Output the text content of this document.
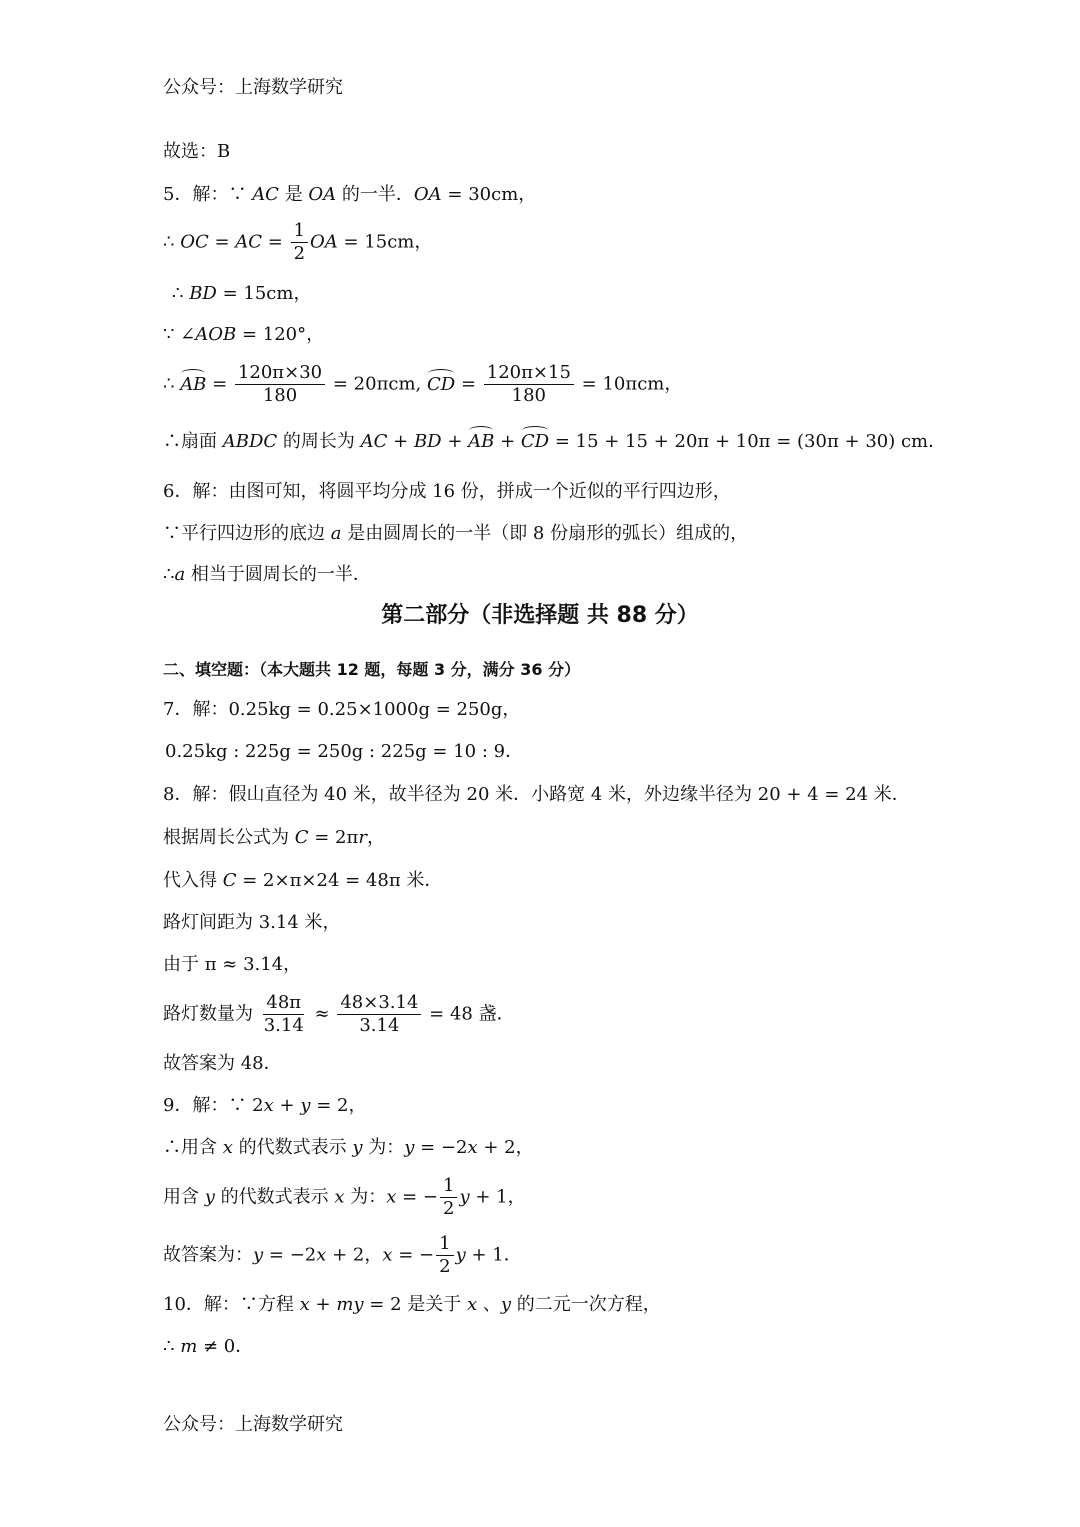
公众号：上海数学研究
故选：B
5．解：∵ AC 是 OA 的一半．OA = 30cm，
∴ OC = AC = $\frac{1}{2}$ OA = 15cm，
∴ BD = 15cm，
∵ ∠AOB = 120°，
∴ AB = $\frac{120\pi\times 30}{180} = 20\pi cm$, CD = $\frac{120\pi\times 15}{180} = 10\pi cm$，
∴扇面 ABDC 的周长为 AC + BD + AB + CD = 15 + 15 + 20π + 10π = (30π + 30) cm．
6．解：由图可知，将圆平均分成 16 份，拼成一个近似的平行四边形，
∵平行四边形的底边 a 是由圆周长的一半（即 8 份扇形的弧长）组成的，
∴a 相当于圆周长的一半．
第二部分（非选择题 共 88 分）
二、填空题：（本大题共 12 题，每题 3 分，满分 36 分）
7．解：0.25kg = 0.25×1000g = 250g，
0.25kg : 225g = 250g : 225g = 10 : 9．
8．解：假山直径为 40 米，故半径为 20 米．小路宽 4 米，外边缘半径为 20 + 4 = 24 米．
根据周长公式为 C = 2πr，
代入得 C = 2×π×24 = 48π 米．
路灯间距为 3.14 米，
由于 π ≈ 3.14，
路灯数量为 $\frac{48\pi}{3.14} \approx \frac{48\times 3.14}{3.14} = 48$ 盏．
故答案为 48．
9．解：∵ 2x + y = 2，
∴用含 x 的代数式表示 y 为：y = −2x + 2，
用含 y 的代数式表示 x 为：x = − $\frac{1}{2}$ y + 1，
故答案为：y = −2x + 2，x = − $\frac{1}{2}$ y + 1．
10．解：∵方程 x + my = 2 是关于 x 、y 的二元一次方程，
∴ m ≠ 0．
公众号：上海数学研究
